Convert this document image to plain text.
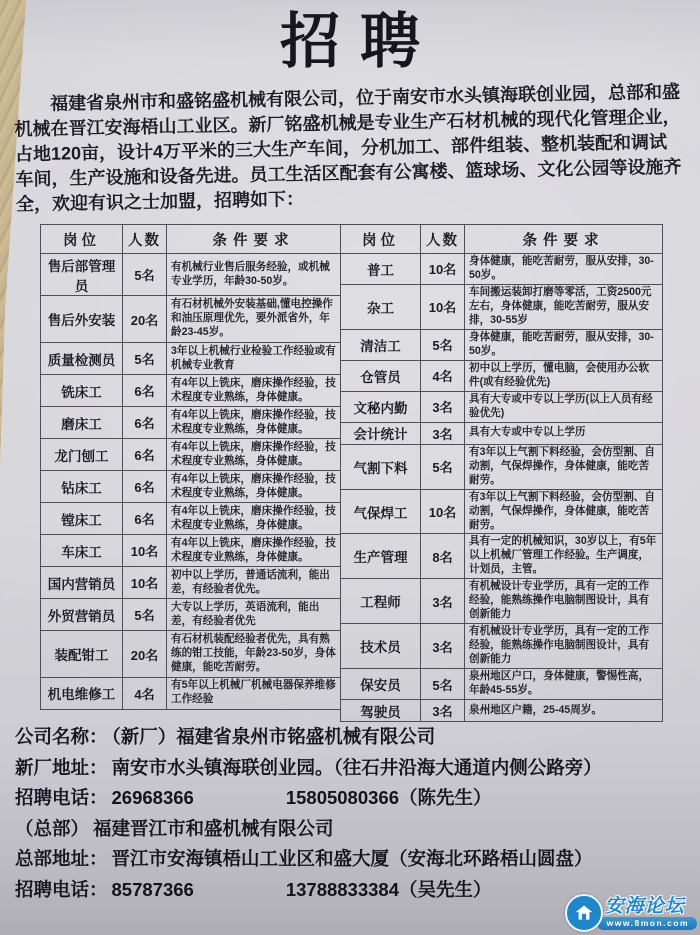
招聘

福建省泉州市和盛铭盛机械有限公司，位于南安市水头镇海联创业园，总部和盛机械在晋江安海梧山工业区。新厂铭盛机械是专业生产石材机械的现代化管理企业，占地120亩，设计4万平米的三大生产车间，分机加工、部件组装、整机装配和调试车间，生产设施和设备先进。员工生活区配套有公寓楼、篮球场、文化公园等设施齐全，欢迎有识之士加盟，招聘如下：

岗位	人数	条件要求
售后部管理员	5名	有机械行业售后服务经验，或机械专业学历，年龄30-50岁。
售后外安装	20名	有石材机械外安装基础,懂电控操作和油压原理优先，要外派省外，年龄23-45岁。
质量检测员	5名	3年以上机械行业检验工作经验或有机械专业教育
铣床工	6名	有4年以上铣床，磨床操作经验，技术程度专业熟练，身体健康。
磨床工	6名	有4年以上铣床，磨床操作经验，技术程度专业熟练，身体健康。
龙门刨工	6名	有4年以上铣床，磨床操作经验，技术程度专业熟练，身体健康。
钻床工	6名	有4年以上铣床，磨床操作经验，技术程度专业熟练，身体健康。
镗床工	6名	有4年以上铣床，磨床操作经验，技术程度专业熟练，身体健康。
车床工	10名	有4年以上铣床，磨床操作经验，技术程度专业熟练，身体健康。
国内营销员	10名	初中以上学历，普通话流利，能出差，有经验者优先。
外贸营销员	5名	大专以上学历，英语流利，能出差，有经验者优先
装配钳工	20名	有石材机装配经验者优先，具有熟练的钳工技能，年龄23-50岁，身体健康，能吃苦耐劳。
机电维修工	4名	有5年以上机械厂机械电器保养维修工作经验
岗位	人数	条件要求
普工	10名	身体健康，能吃苦耐劳，服从安排，30-50岁。
杂工	10名	车间搬运装卸打磨等零活，工资2500元左右，身体健康，能吃苦耐劳，服从安排，30-55岁
清洁工	5名	身体健康，能吃苦耐劳，服从安排，30-50岁。
仓管员	4名	初中以上学历，懂电脑，会使用办公软件(或有经验优先)
文秘内勤	3名	具有大专或中专以上学历(以上人员有经验优先)
会计统计	3名	具有大专或中专以上学历
气割下料	5名	有3年以上气割下料经验，会仿型割、自动割，气保焊操作，身体健康，能吃苦耐劳。
气保焊工	10名	有3年以上气割下料经验，会仿型割、自动割，气保焊操作，身体健康，能吃苦耐劳。
生产管理	8名	具有一定的机械知识，30岁以上，有5年以上机械厂管理工作经验。生产调度，计划员，主管。
工程师	3名	有机械设计专业学历，具有一定的工作经验，能熟练操作电脑制图设计，具有创新能力
技术员	3名	有机械设计专业学历，具有一定的工作经验，能熟练操作电脑制图设计，具有创新能力
保安员	5名	泉州地区户口，身体健康，警惕性高，年龄45-55岁。
驾驶员	3名	泉州地区户籍，25-45周岁。
公司名称： （新厂）福建省泉州市铭盛机械有限公司
新厂地址： 南安市水头镇海联创业园。（往石井沿海大通道内侧公路旁）
招聘电话： 26968366	15805080366（陈先生）
（总部） 福建晋江市和盛机械有限公司
总部地址： 晋江市安海镇梧山工业区和盛大厦（安海北环路梧山圆盘）
招聘电话： 85787366	13788833384（吴先生）
安海论坛
www.8mon.com
